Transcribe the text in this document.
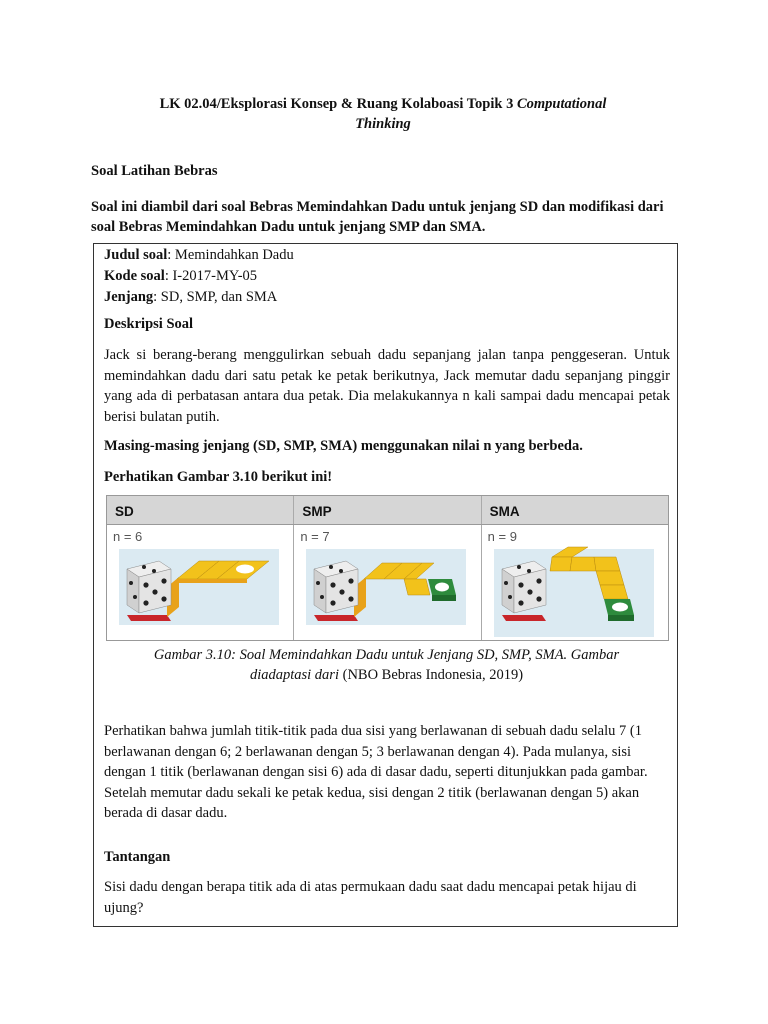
LK 02.04/Eksplorasi Konsep & Ruang Kolaboasi Topik 3 Computational
Thinking
Soal Latihan Bebras
Soal ini diambil dari soal Bebras Memindahkan Dadu untuk jenjang SD dan modifikasi dari soal Bebras Memindahkan Dadu untuk jenjang SMP dan SMA.
Judul soal: Memindahkan Dadu
Kode soal: I-2017-MY-05
Jenjang: SD, SMP, dan SMA
Deskripsi Soal
Jack si berang-berang menggulirkan sebuah dadu sepanjang jalan tanpa penggeseran. Untuk memindahkan dadu dari satu petak ke petak berikutnya, Jack memutar dadu sepanjang pinggir yang ada di perbatasan antara dua petak. Dia melakukannya n kali sampai dadu mencapai petak berisi bulatan putih.
Masing-masing jenjang (SD, SMP, SMA) menggunakan nilai n yang berbeda.
Perhatikan Gambar 3.10 berikut ini!
SD	SMP	SMA
n = 6	n = 7	n = 9
Gambar 3.10: Soal Memindahkan Dadu untuk Jenjang SD, SMP, SMA. Gambar diadaptasi dari (NBO Bebras Indonesia, 2019)
Perhatikan bahwa jumlah titik-titik pada dua sisi yang berlawanan di sebuah dadu selalu 7 (1 berlawanan dengan 6; 2 berlawanan dengan 5; 3 berlawanan dengan 4). Pada mulanya, sisi dengan 1 titik (berlawanan dengan sisi 6) ada di dasar dadu, seperti ditunjukkan pada gambar. Setelah memutar dadu sekali ke petak kedua, sisi dengan 2 titik (berlawanan dengan 5) akan berada di dasar dadu.
Tantangan
Sisi dadu dengan berapa titik ada di atas permukaan dadu saat dadu mencapai petak hijau di ujung?
